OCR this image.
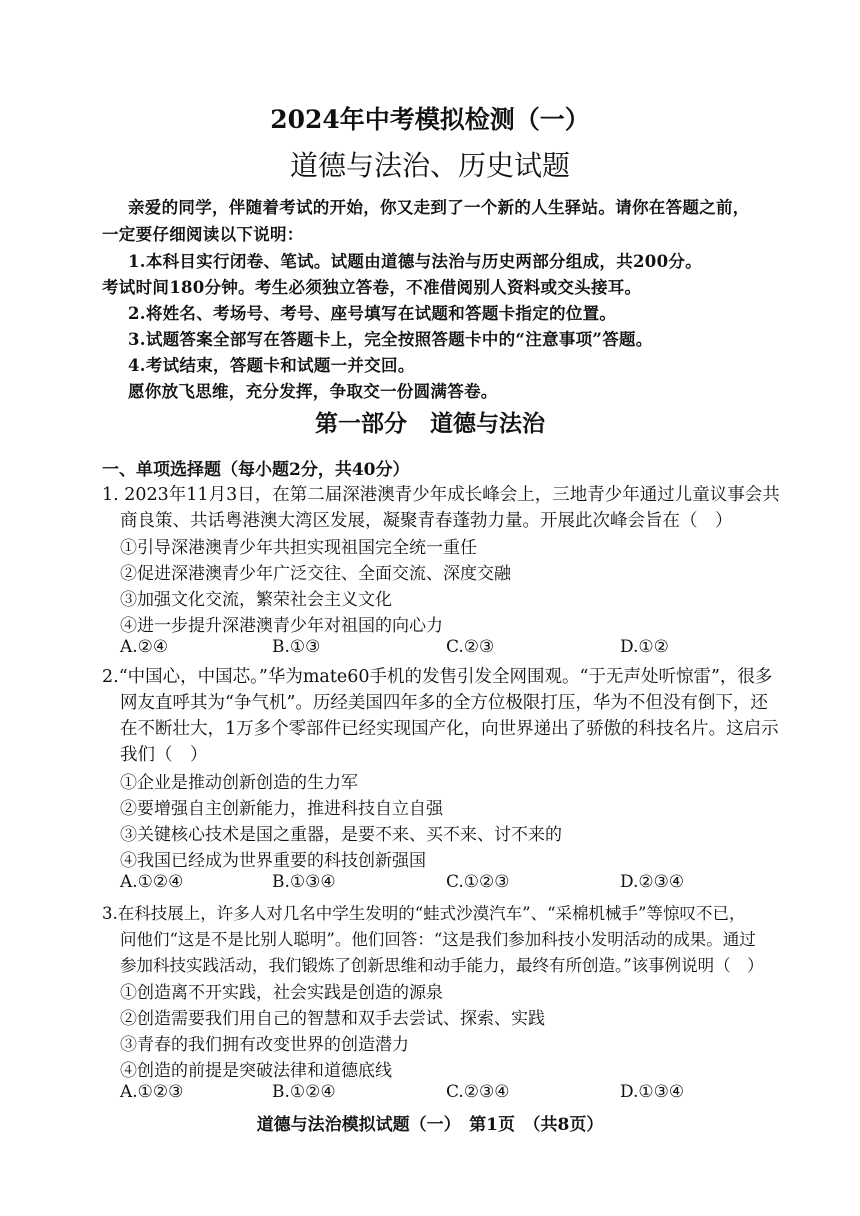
2024年中考模拟检测（一）
道德与法治、历史试题
亲爱的同学，伴随着考试的开始，你又走到了一个新的人生驿站。请你在答题之前，
一定要仔细阅读以下说明：
1.本科目实行闭卷、笔试。试题由道德与法治与历史两部分组成，共200分。
考试时间180分钟。考生必须独立答卷，不准借阅别人资料或交头接耳。
2.将姓名、考场号、考号、座号填写在试题和答题卡指定的位置。
3.试题答案全部写在答题卡上，完全按照答题卡中的“注意事项”答题。
4.考试结束，答题卡和试题一并交回。
愿你放飞思维，充分发挥，争取交一份圆满答卷。
第一部分　道德与法治
一、单项选择题（每小题2分，共40分）
1. 2023年11月3日，在第二届深港澳青少年成长峰会上，三地青少年通过儿童议事会共
商良策、共话粤港澳大湾区发展，凝聚青春蓬勃力量。开展此次峰会旨在（　）
①引导深港澳青少年共担实现祖国完全统一重任
②促进深港澳青少年广泛交往、全面交流、深度交融
③加强文化交流，繁荣社会主义文化
④进一步提升深港澳青少年对祖国的向心力
A.②④	B.①③	C.②③	D.①②
2.“中国心，中国芯。”华为mate60手机的发售引发全网围观。“于无声处听惊雷”，很多
网友直呼其为“争气机”。历经美国四年多的全方位极限打压，华为不但没有倒下，还
在不断壮大，1万多个零部件已经实现国产化，向世界递出了骄傲的科技名片。这启示
我们（　）
①企业是推动创新创造的生力军
②要增强自主创新能力，推进科技自立自强
③关键核心技术是国之重器，是要不来、买不来、讨不来的
④我国已经成为世界重要的科技创新强国
A.①②④	B.①③④	C.①②③	D.②③④
3.在科技展上，许多人对几名中学生发明的“蛙式沙漠汽车”、“采棉机械手”等惊叹不已，
问他们“这是不是比别人聪明”。他们回答：“这是我们参加科技小发明活动的成果。通过
参加科技实践活动，我们锻炼了创新思维和动手能力，最终有所创造。”该事例说明（　）
①创造离不开实践，社会实践是创造的源泉
②创造需要我们用自己的智慧和双手去尝试、探索、实践
③青春的我们拥有改变世界的创造潜力
④创造的前提是突破法律和道德底线
A.①②③	B.①②④	C.②③④	D.①③④
道德与法治模拟试题（一）　第1页　（共8页）
